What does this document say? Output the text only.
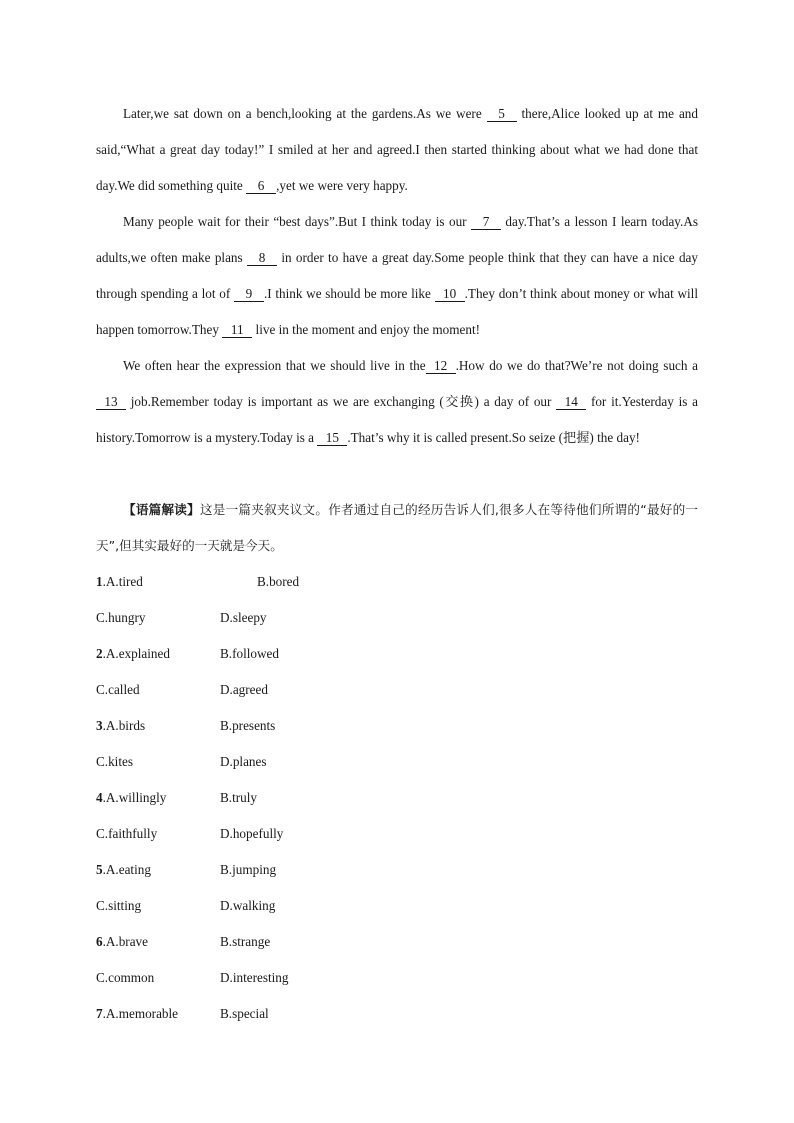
Later,we sat down on a bench,looking at the gardens.As we were 5 there,Alice looked up at me and said,“What a great day today!” I smiled at her and agreed.I then started thinking about what we had done that day.We did something quite 6 ,yet we were very happy.

Many people wait for their “best days”.But I think today is our 7 day.That’s a lesson I learn today.As adults,we often make plans 8 in order to have a great day.Some people think that they can have a nice day through spending a lot of 9 .I think we should be more like 10 .They don’t think about money or what will happen tomorrow.They 11 live in the moment and enjoy the moment!

We often hear the expression that we should live in the 12 .How do we do that?We’re not doing such a 13 job.Remember today is important as we are exchanging (交换) a day of our 14 for it.Yesterday is a history.Tomorrow is a mystery.Today is a 15 .That’s why it is called present.So seize (把握) the day!

【语篇解读】这是一篇夹叙夹议文。作者通过自己的经历告诉人们,很多人在等待他们所谓的“最好的一天”,但其实最好的一天就是今天。

1.A.tired	B.bored
C.hungry	D.sleepy
2.A.explained	B.followed
C.called	D.agreed
3.A.birds	B.presents
C.kites	D.planes
4.A.willingly	B.truly
C.faithfully	D.hopefully
5.A.eating	B.jumping
C.sitting	D.walking
6.A.brave	B.strange
C.common	D.interesting
7.A.memorable	B.special
